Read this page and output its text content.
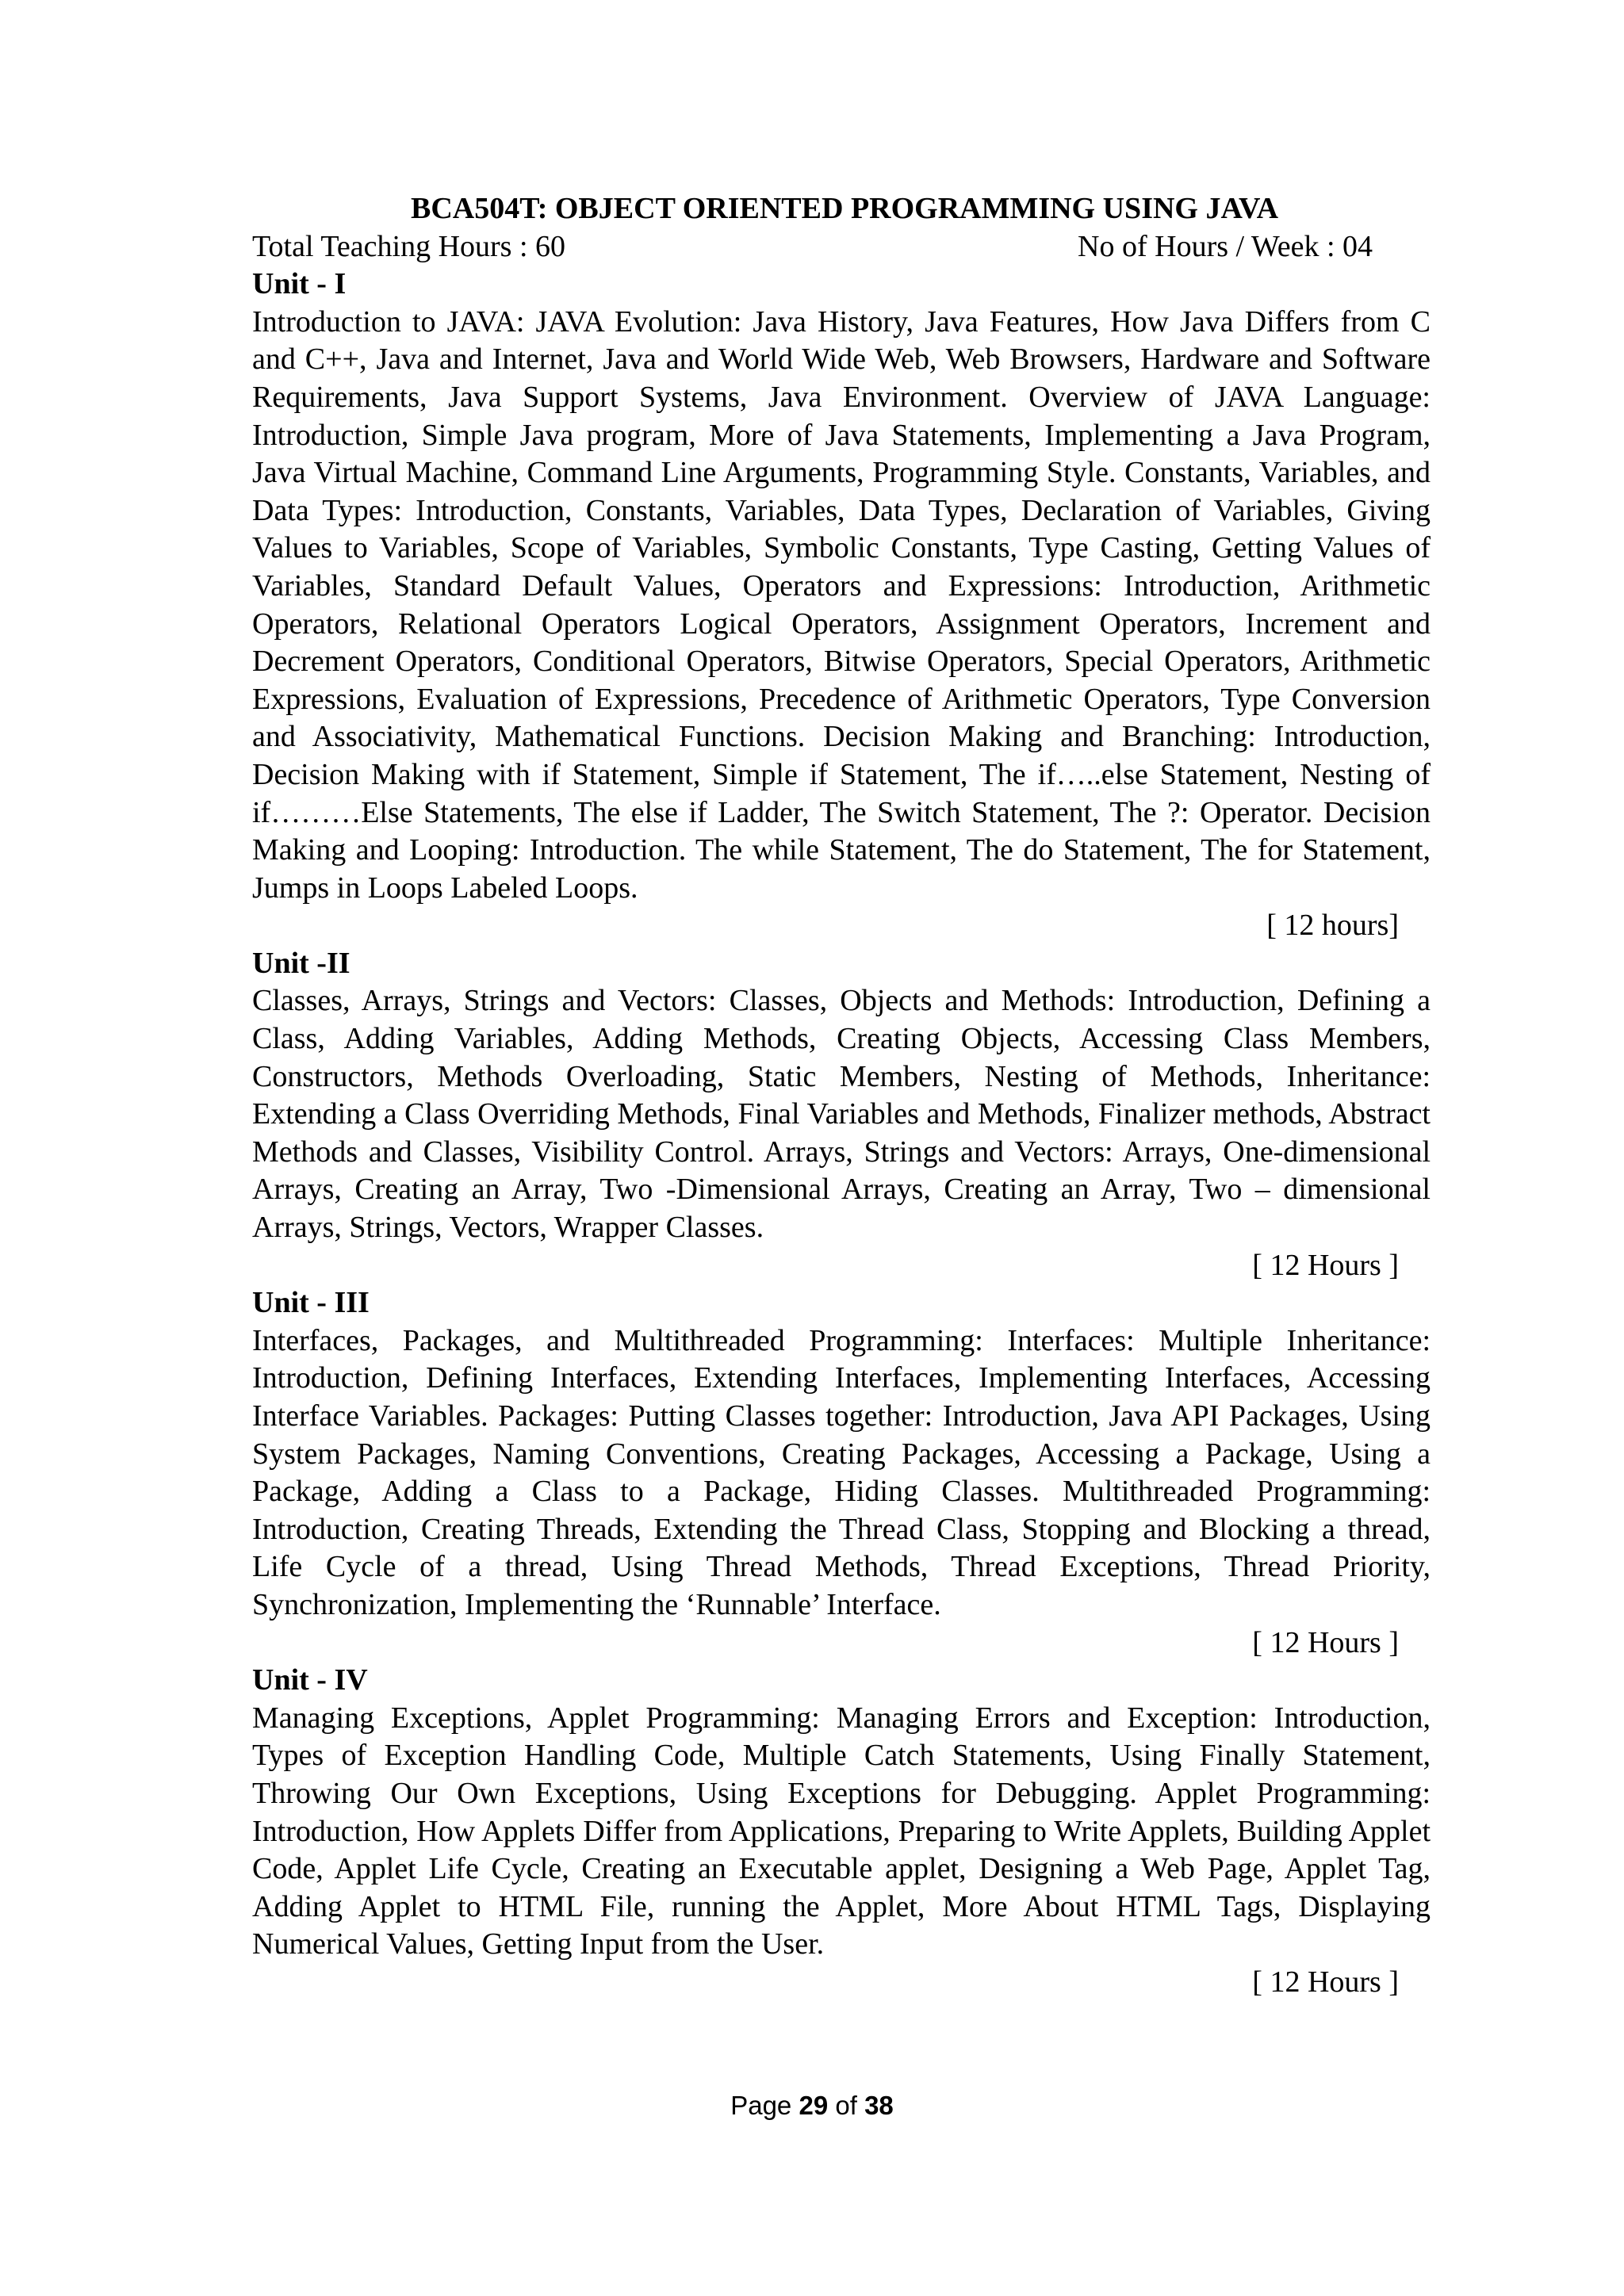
BCA504T: OBJECT ORIENTED PROGRAMMING USING JAVA

Total Teaching Hours : 60	No of Hours / Week : 04

Unit - I

Introduction to JAVA: JAVA Evolution: Java History, Java Features, How Java Differs from C and C++, Java and Internet, Java and World Wide Web, Web Browsers, Hardware and Software Requirements, Java Support Systems, Java Environment. Overview of JAVA Language: Introduction, Simple Java program, More of Java Statements, Implementing a Java Program, Java Virtual Machine, Command Line Arguments, Programming Style. Constants, Variables, and Data Types: Introduction, Constants, Variables, Data Types, Declaration of Variables, Giving Values to Variables, Scope of Variables, Symbolic Constants, Type Casting, Getting Values of Variables, Standard Default Values, Operators and Expressions: Introduction, Arithmetic Operators, Relational Operators Logical Operators, Assignment Operators, Increment and Decrement Operators, Conditional Operators, Bitwise Operators, Special Operators, Arithmetic Expressions, Evaluation of Expressions, Precedence of Arithmetic Operators, Type Conversion and Associativity, Mathematical Functions. Decision Making and Branching: Introduction, Decision Making with if Statement, Simple if Statement, The if…..else Statement, Nesting of if………Else Statements, The else if Ladder, The Switch Statement, The ?: Operator. Decision Making and Looping: Introduction. The while Statement, The do Statement, The for Statement, Jumps in Loops Labeled Loops.

[ 12 hours]

Unit -II

Classes, Arrays, Strings and Vectors: Classes, Objects and Methods: Introduction, Defining a Class, Adding Variables, Adding Methods, Creating Objects, Accessing Class Members, Constructors, Methods Overloading, Static Members, Nesting of Methods, Inheritance: Extending a Class Overriding Methods, Final Variables and Methods, Finalizer methods, Abstract Methods and Classes, Visibility Control. Arrays, Strings and Vectors: Arrays, One-dimensional Arrays, Creating an Array, Two -Dimensional Arrays, Creating an Array, Two – dimensional Arrays, Strings, Vectors, Wrapper Classes.

[ 12 Hours ]

Unit - III

Interfaces, Packages, and Multithreaded Programming: Interfaces: Multiple Inheritance: Introduction, Defining Interfaces, Extending Interfaces, Implementing Interfaces, Accessing Interface Variables. Packages: Putting Classes together: Introduction, Java API Packages, Using System Packages, Naming Conventions, Creating Packages, Accessing a Package, Using a Package, Adding a Class to a Package, Hiding Classes. Multithreaded Programming: Introduction, Creating Threads, Extending the Thread Class, Stopping and Blocking a thread, Life Cycle of a thread, Using Thread Methods, Thread Exceptions, Thread Priority, Synchronization, Implementing the ‘Runnable’ Interface.

[ 12 Hours ]

Unit - IV

Managing Exceptions, Applet Programming: Managing Errors and Exception: Introduction, Types of Exception Handling Code, Multiple Catch Statements, Using Finally Statement, Throwing Our Own Exceptions, Using Exceptions for Debugging. Applet Programming: Introduction, How Applets Differ from Applications, Preparing to Write Applets, Building Applet Code, Applet Life Cycle, Creating an Executable applet, Designing a Web Page, Applet Tag, Adding Applet to HTML File, running the Applet, More About HTML Tags, Displaying Numerical Values, Getting Input from the User.

[ 12 Hours ]

Page 29 of 38
